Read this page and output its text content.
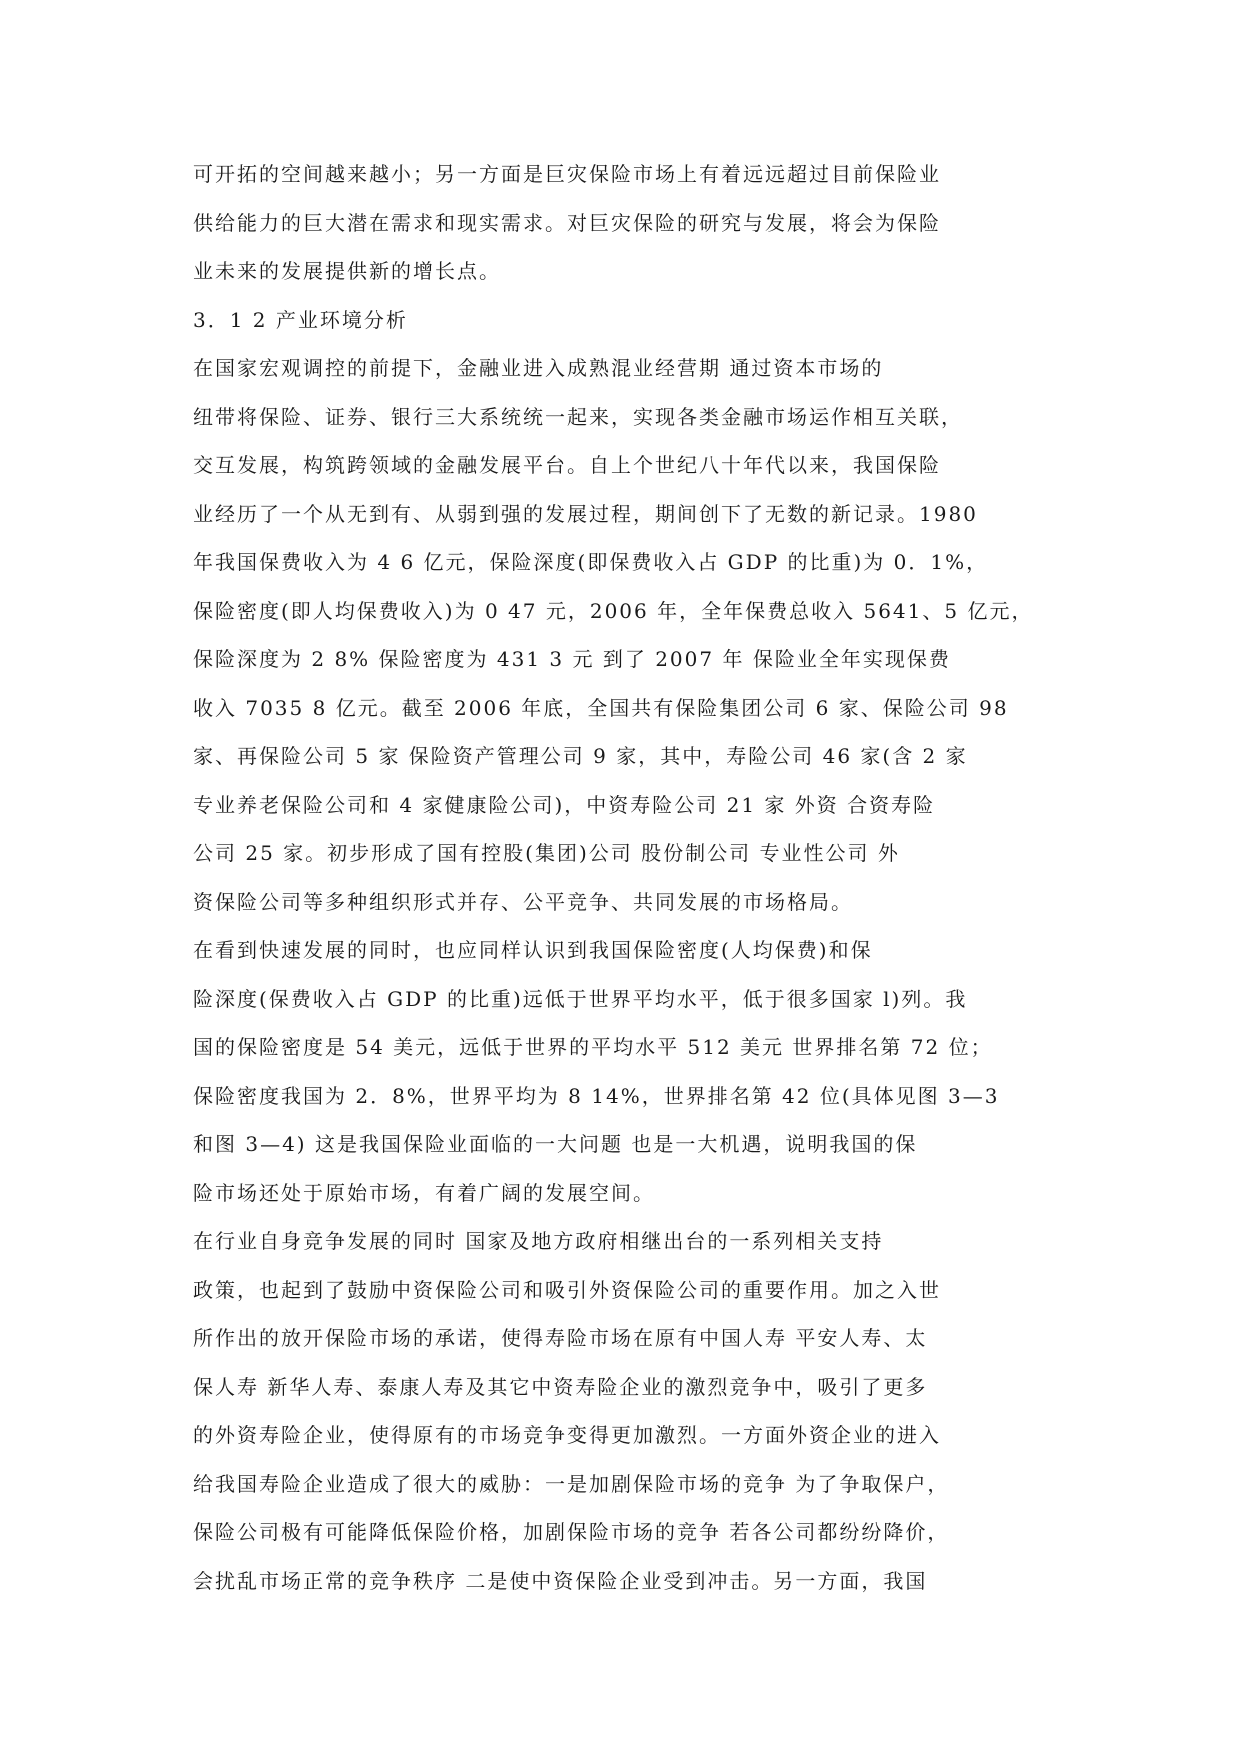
可开拓的空间越来越小；另一方面是巨灾保险市场上有着远远超过目前保险业
供给能力的巨大潜在需求和现实需求。对巨灾保险的研究与发展，将会为保险
业未来的发展提供新的增长点。
3．1 2 产业环境分析
在国家宏观调控的前提下，金融业进入成熟混业经营期 通过资本市场的
纽带将保险、证券、银行三大系统统一起来，实现各类金融市场运作相互关联，
交互发展，构筑跨领域的金融发展平台。自上个世纪八十年代以来，我国保险
业经历了一个从无到有、从弱到强的发展过程，期间创下了无数的新记录。1980
年我国保费收入为 4 6 亿元，保险深度(即保费收入占 GDP 的比重)为 0．1%，
保险密度(即人均保费收入)为 0 47 元，2006 年，全年保费总收入 5641、5 亿元，
保险深度为 2 8% 保险密度为 431 3 元 到了 2007 年 保险业全年实现保费
收入 7035 8 亿元。截至 2006 年底，全国共有保险集团公司 6 家、保险公司 98
家、再保险公司 5 家 保险资产管理公司 9 家，其中，寿险公司 46 家(含 2 家
专业养老保险公司和 4 家健康险公司)，中资寿险公司 21 家 外资 合资寿险
公司 25 家。初步形成了国有控股(集团)公司 股份制公司 专业性公司 外
资保险公司等多种组织形式并存、公平竞争、共同发展的市场格局。
在看到快速发展的同时，也应同样认识到我国保险密度(人均保费)和保
险深度(保费收入占 GDP 的比重)远低于世界平均水平，低于很多国家 l)列。我
国的保险密度是 54 美元，远低于世界的平均水平 512 美元 世界排名第 72 位；
保险密度我国为 2．8%，世界平均为 8 14%，世界排名第 42 位(具体见图 3—3
和图 3—4) 这是我国保险业面临的一大问题 也是一大机遇，说明我国的保
险市场还处于原始市场，有着广阔的发展空间。
在行业自身竞争发展的同时 国家及地方政府相继出台的一系列相关支持
政策，也起到了鼓励中资保险公司和吸引外资保险公司的重要作用。加之入世
所作出的放开保险市场的承诺，使得寿险市场在原有中国人寿 平安人寿、太
保人寿 新华人寿、泰康人寿及其它中资寿险企业的激烈竞争中，吸引了更多
的外资寿险企业，使得原有的市场竞争变得更加激烈。一方面外资企业的进入
给我国寿险企业造成了很大的威胁：一是加剧保险市场的竞争 为了争取保户，
保险公司极有可能降低保险价格，加剧保险市场的竞争 若各公司都纷纷降价，
会扰乱市场正常的竞争秩序 二是使中资保险企业受到冲击。另一方面，我国
